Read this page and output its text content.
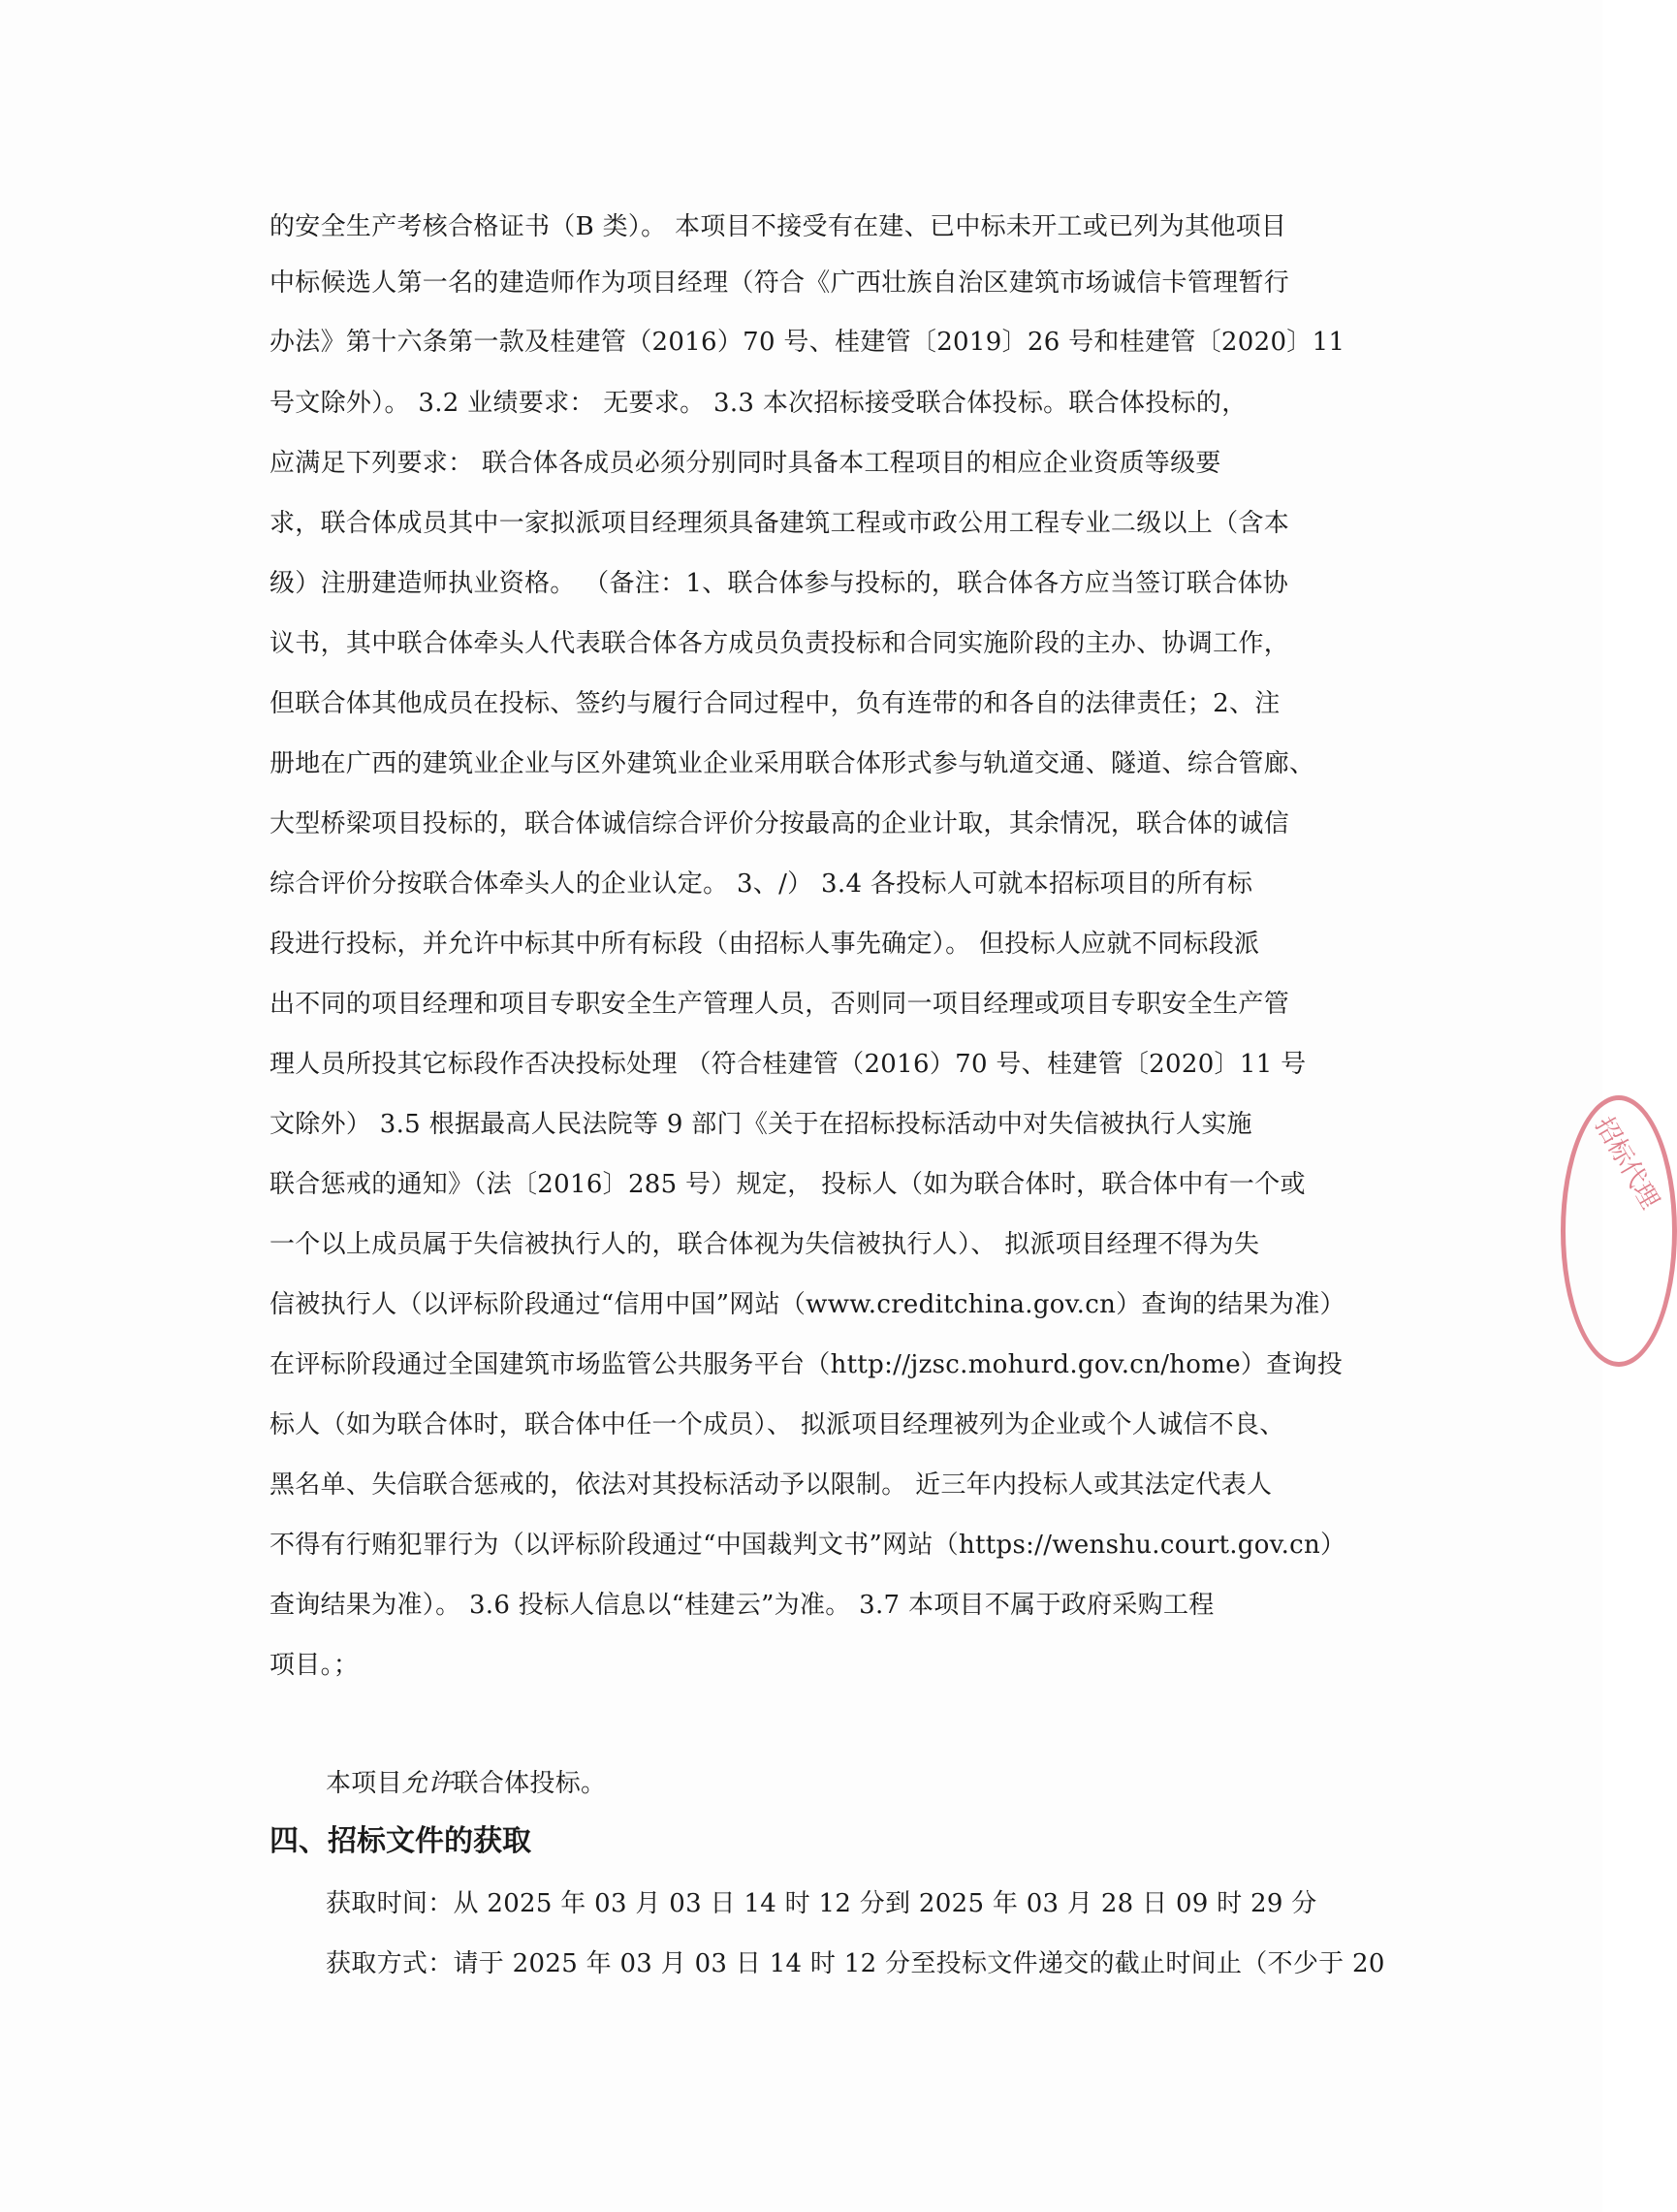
的安全生产考核合格证书（B 类）。 本项目不接受有在建、已中标未开工或已列为其他项目
中标候选人第一名的建造师作为项目经理（符合《广西壮族自治区建筑市场诚信卡管理暂行
办法》第十六条第一款及桂建管（2016）70 号、桂建管〔2019〕26 号和桂建管〔2020〕11
号文除外）。 3.2 业绩要求： 无要求。 3.3 本次招标接受联合体投标。联合体投标的，
应满足下列要求： 联合体各成员必须分别同时具备本工程项目的相应企业资质等级要
求，联合体成员其中一家拟派项目经理须具备建筑工程或市政公用工程专业二级以上（含本
级）注册建造师执业资格。 （备注：1、联合体参与投标的，联合体各方应当签订联合体协
议书，其中联合体牵头人代表联合体各方成员负责投标和合同实施阶段的主办、协调工作，
但联合体其他成员在投标、签约与履行合同过程中，负有连带的和各自的法律责任；2、注
册地在广西的建筑业企业与区外建筑业企业采用联合体形式参与轨道交通、隧道、综合管廊、
大型桥梁项目投标的，联合体诚信综合评价分按最高的企业计取，其余情况，联合体的诚信
综合评价分按联合体牵头人的企业认定。 3、/） 3.4 各投标人可就本招标项目的所有标
段进行投标，并允许中标其中所有标段（由招标人事先确定）。 但投标人应就不同标段派
出不同的项目经理和项目专职安全生产管理人员，否则同一项目经理或项目专职安全生产管
理人员所投其它标段作否决投标处理 （符合桂建管（2016）70 号、桂建管〔2020〕11 号
文除外） 3.5 根据最高人民法院等 9 部门《关于在招标投标活动中对失信被执行人实施
联合惩戒的通知》（法〔2016〕285 号）规定， 投标人（如为联合体时，联合体中有一个或
一个以上成员属于失信被执行人的，联合体视为失信被执行人）、 拟派项目经理不得为失
信被执行人（以评标阶段通过“信用中国”网站（www.creditchina.gov.cn）查询的结果为准）
在评标阶段通过全国建筑市场监管公共服务平台（http://jzsc.mohurd.gov.cn/home）查询投
标人（如为联合体时，联合体中任一个成员）、 拟派项目经理被列为企业或个人诚信不良、
黑名单、失信联合惩戒的，依法对其投标活动予以限制。 近三年内投标人或其法定代表人
不得有行贿犯罪行为（以评标阶段通过“中国裁判文书”网站（https://wenshu.court.gov.cn）
查询结果为准）。 3.6 投标人信息以“桂建云”为准。 3.7 本项目不属于政府采购工程
项目。；
本项目允许联合体投标。
四、招标文件的获取
获取时间：从 2025 年 03 月 03 日 14 时 12 分到 2025 年 03 月 28 日 09 时 29 分
获取方式：请于 2025 年 03 月 03 日 14 时 12 分至投标文件递交的截止时间止（不少于 20
招标代理
